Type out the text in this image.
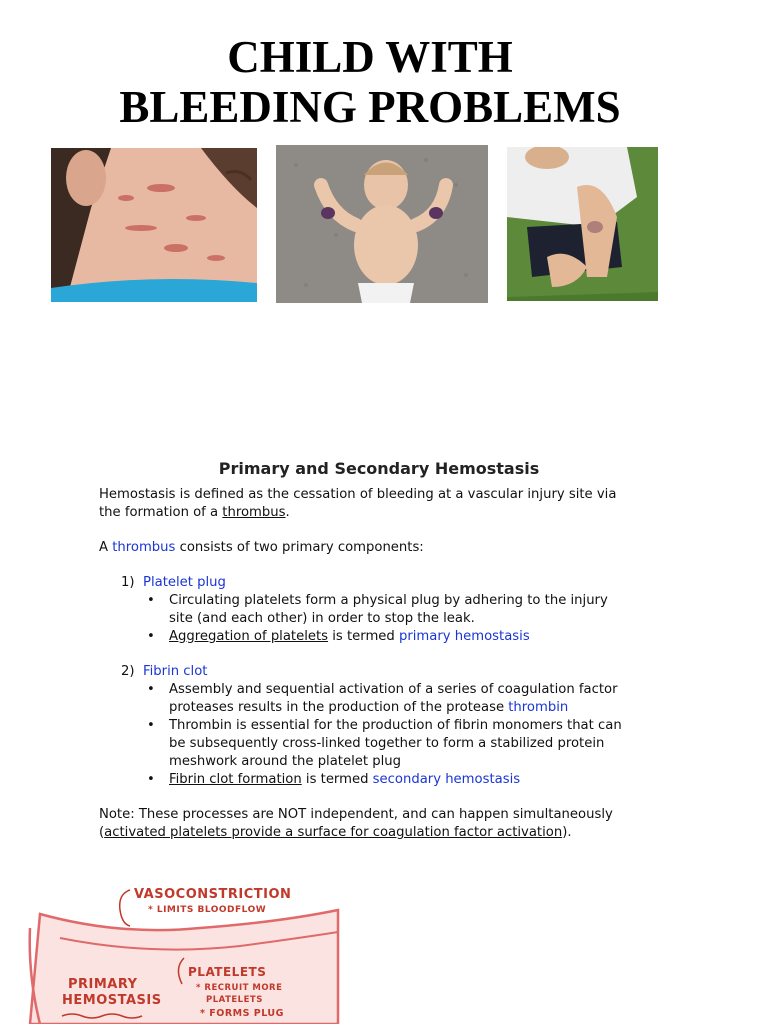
CHILD WITH
BLEEDING PROBLEMS
Primary and Secondary Hemostasis

Hemostasis is defined as the cessation of bleeding at a vascular injury site via
the formation of a thrombus.

A thrombus consists of two primary components:

1) Platelet plug
• Circulating platelets form a physical plug by adhering to the injury
site (and each other) in order to stop the leak.
• Aggregation of platelets is termed primary hemostasis
2) Fibrin clot
• Assembly and sequential activation of a series of coagulation factor
proteases results in the production of the protease thrombin
• Thrombin is essential for the production of fibrin monomers that can
be subsequently cross-linked together to form a stabilized protein
meshwork around the platelet plug
• Fibrin clot formation is termed secondary hemostasis

Note: These processes are NOT independent, and can happen simultaneously
(activated platelets provide a surface for coagulation factor activation).

VASOCONSTRICTION
* LIMITS BLOODFLOW
PRIMARY
HEMOSTASIS
PLATELETS
* RECRUIT MORE
PLATELETS
* FORMS PLUG
